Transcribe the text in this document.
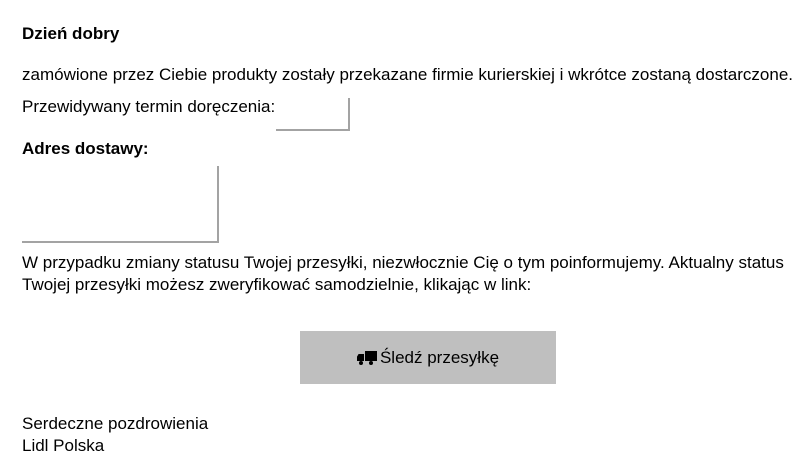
Dzień dobry
zamówione przez Ciebie produkty zostały przekazane firmie kurierskiej i wkrótce zostaną dostarczone.
Przewidywany termin doręczenia:
Adres dostawy:
W przypadku zmiany statusu Twojej przesyłki, niezwłocznie Cię o tym poinformujemy. Aktualny status Twojej przesyłki możesz zweryfikować samodzielnie, klikając w link:
Śledź przesyłkę
Serdeczne pozdrowienia
Lidl Polska
